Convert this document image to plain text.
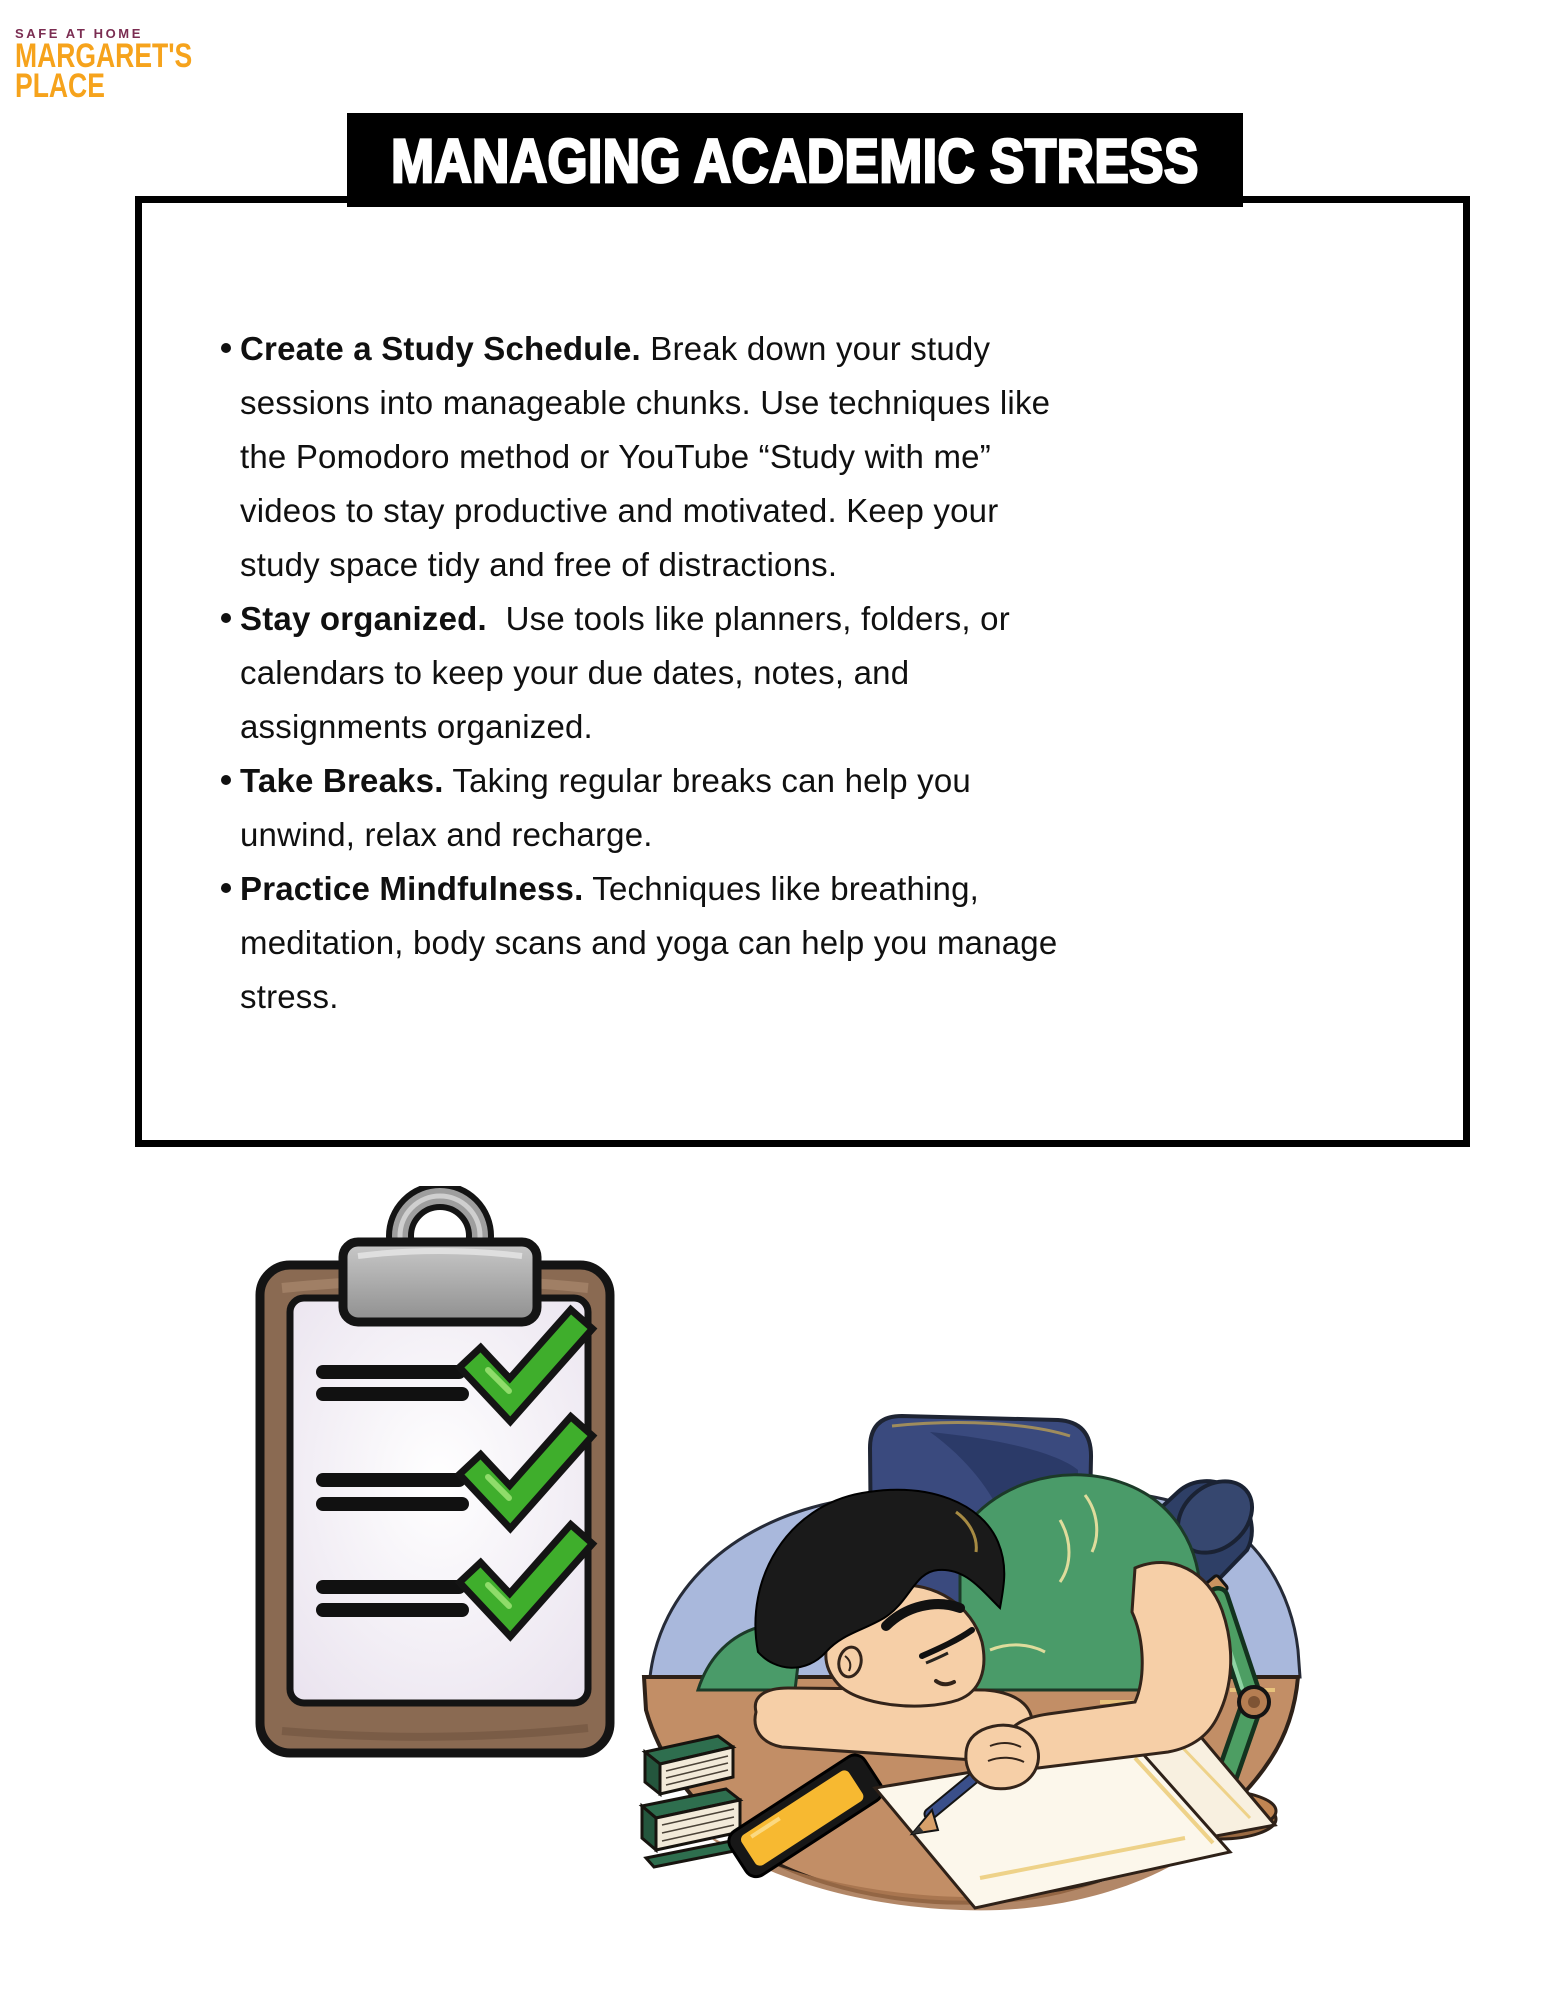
SAFE AT HOME
MARGARET'S
PLACE
MANAGING ACADEMIC STRESS
Create a Study Schedule. Break down your study
sessions into manageable chunks. Use techniques like
the Pomodoro method or YouTube “Study with me”
videos to stay productive and motivated. Keep your
study space tidy and free of distractions.
Stay organized.  Use tools like planners, folders, or
calendars to keep your due dates, notes, and
assignments organized.
Take Breaks. Taking regular breaks can help you
unwind, relax and recharge.
Practice Mindfulness. Techniques like breathing,
meditation, body scans and yoga can help you manage
stress.
